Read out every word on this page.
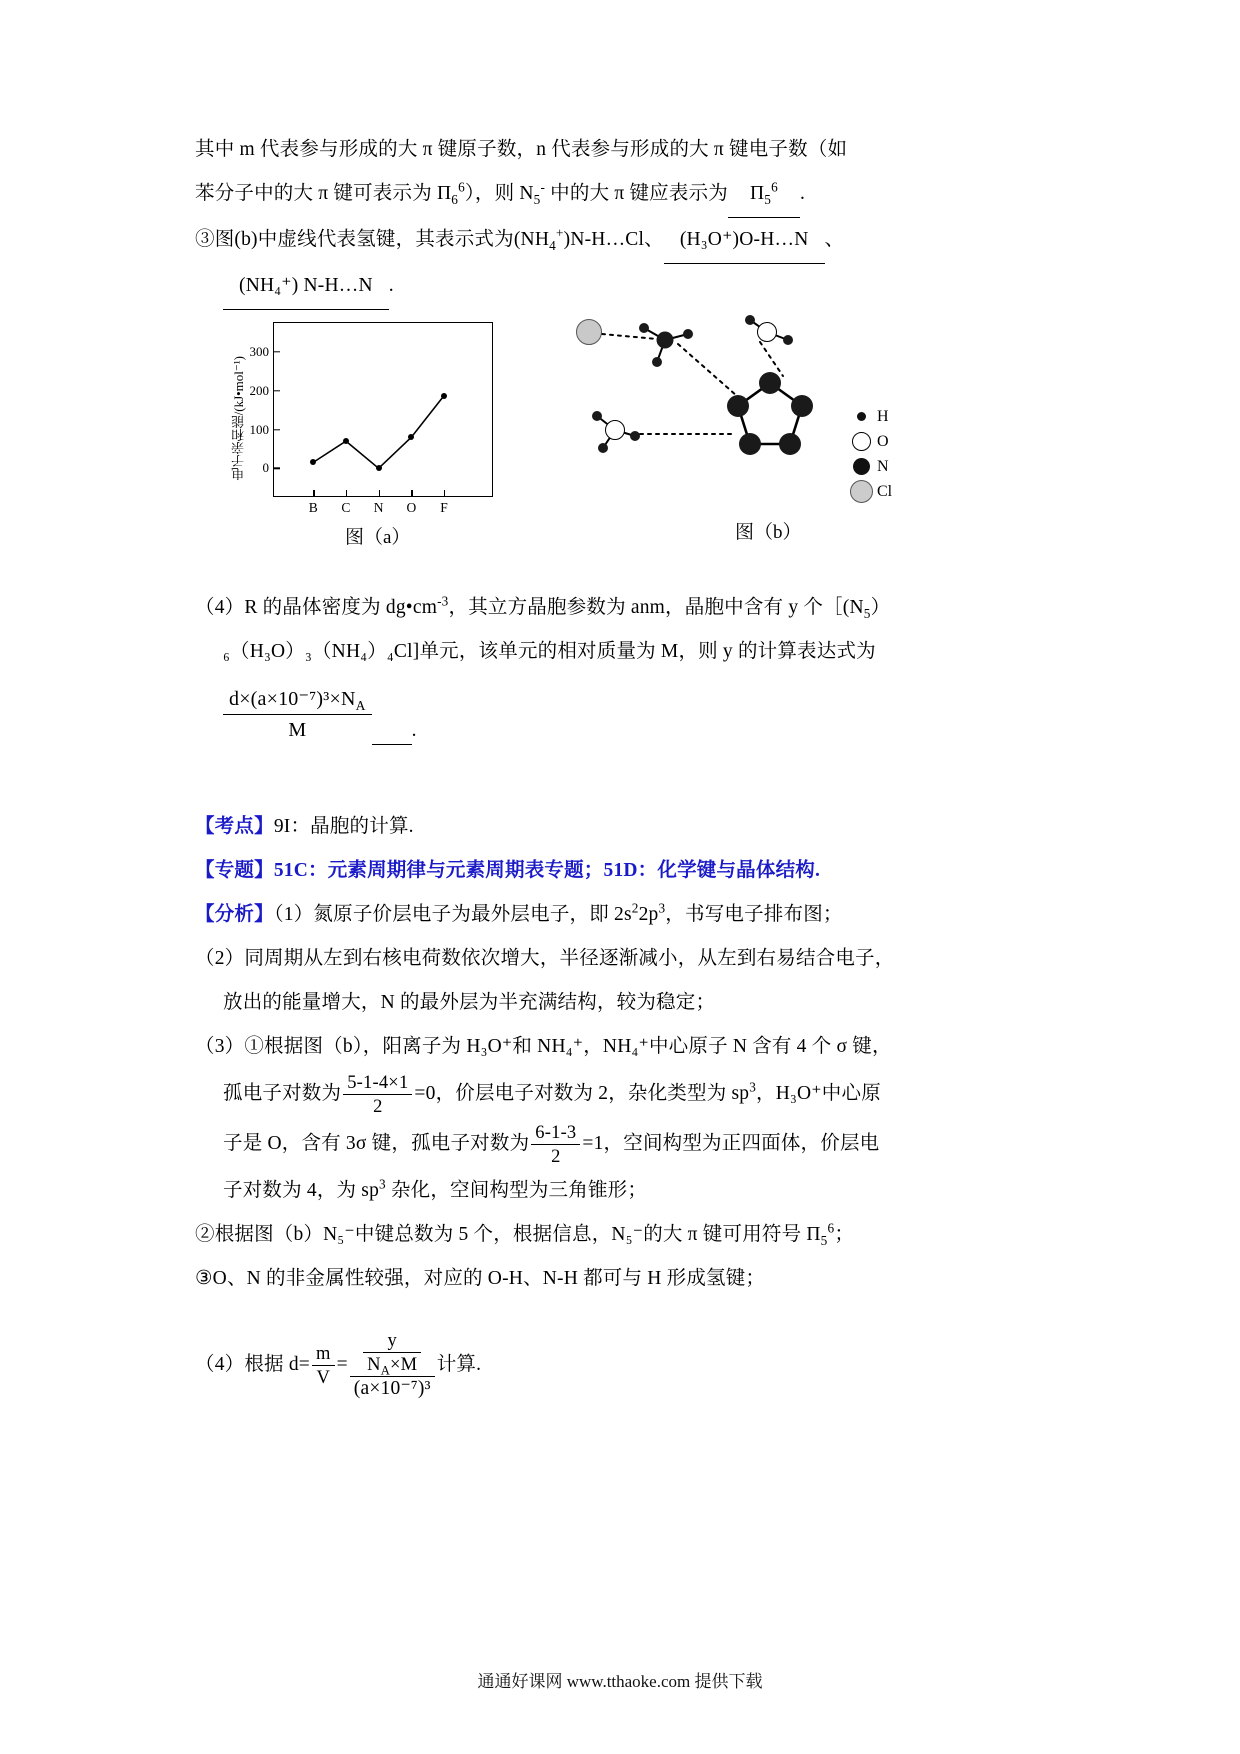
其中 m 代表参与形成的大 π 键原子数，n 代表参与形成的大 π 键电子数（如
苯分子中的大 π 键可表示为 $\Pi_6^6$），则 $N_5^-$ 中的大 π 键应表示为 $\Pi_5^6$ .
③图(b)中虚线代表氢键，其表示式为$(NH_4^+)N‑H\dots Cl$、 (H₃O⁺)O‑H…N 、
(NH₄⁺) N‑H…N .
电子亲和能/(kJ•mol⁻¹)
300
200
100
0
B C N O F
图（a）
H
O
N
Cl
图（b）
（4）R 的晶体密度为 $dg•cm^{‑3}$，其立方晶胞参数为 anm，晶胞中含有 y 个$[(N_5)$
₆（H₃O）₃（NH₄）₄Cl]单元，该单元的相对质量为 M，则 y 的计算表达式为
$\frac{d\times(a\times 10^{-7})^3\times N_A}{M}$ .
【考点】9I：晶胞的计算.
【专题】51C：元素周期律与元素周期表专题；51D：化学键与晶体结构.
【分析】（1）氮原子价层电子为最外层电子，即 $2s^22p^3$，书写电子排布图；
（2）同周期从左到右核电荷数依次增大，半径逐渐减小，从左到右易结合电子，
放出的能量增大，N 的最外层为半充满结构，较为稳定；
（3）①根据图（b），阳离子为 H₃O⁺和 NH₄⁺，NH₄⁺中心原子 N 含有 4 个 σ 键，
孤电子对数为 $\frac{5‑1‑4\times 1}{2} =0$，价层电子对数为 2，杂化类型为 $sp^3$，H₃O⁺中心原
子是 O，含有 3σ 键，孤电子对数为 $\frac{6‑1‑3}{2} =1$，空间构型为正四面体，价层电
子对数为 4，为 $sp^3$ 杂化，空间构型为三角锥形；
②根据图（b）N₅⁻中键总数为 5 个，根据信息，N₅⁻的大 π 键可用符号 $\Pi_5^6$；
③O、N 的非金属性较强，对应的 O‑H、N‑H 都可与 H 形成氢键；
（4）根据 $d= \frac{m}{V} = \frac{\frac{y}{N_A\times M}}{\text{(a×10⁻⁷)³}}$ 计算.
通通好课网 www.tthaoke.com 提供下载
